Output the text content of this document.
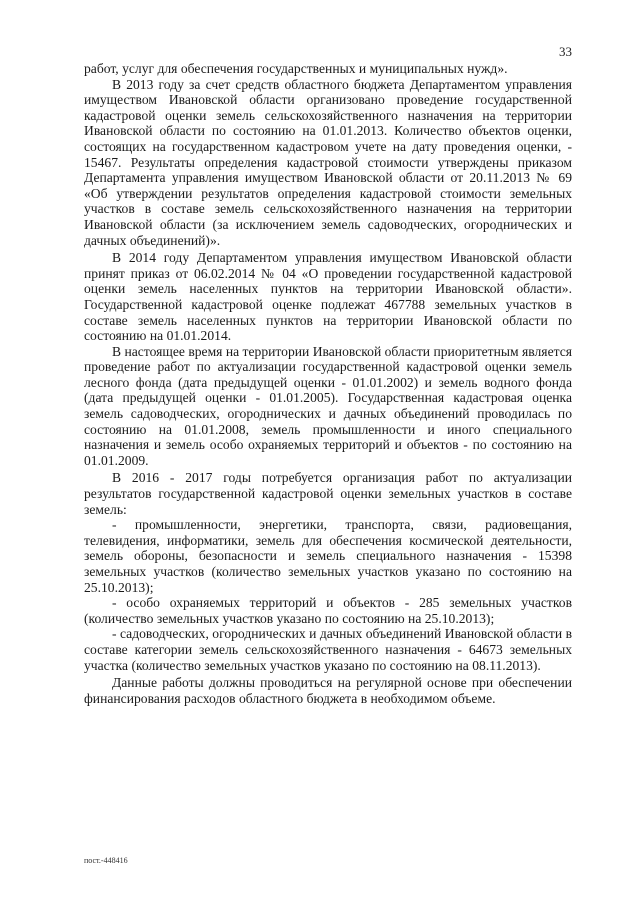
33

работ, услуг для обеспечения государственных и муниципальных нужд».

В 2013 году за счет средств областного бюджета Департаментом управления имуществом Ивановской области организовано проведение государственной кадастровой оценки земель сельскохозяйственного назначения на территории Ивановской области по состоянию на 01.01.2013. Количество объектов оценки, состоящих на государственном кадастровом учете на дату проведения оценки, - 15467. Результаты определения кадастровой стоимости утверждены приказом Департамента управления имуществом Ивановской области от 20.11.2013 № 69 «Об утверждении результатов определения кадастровой стоимости земельных участков в составе земель сельскохозяйственного назначения на территории Ивановской области (за исключением земель садоводческих, огороднических и дачных объединений)».

В 2014 году Департаментом управления имуществом Ивановской области принят приказ от 06.02.2014 № 04 «О проведении государственной кадастровой оценки земель населенных пунктов на территории Ивановской области». Государственной кадастровой оценке подлежат 467788 земельных участков в составе земель населенных пунктов на территории Ивановской области по состоянию на 01.01.2014.

В настоящее время на территории Ивановской области приоритетным является проведение работ по актуализации государственной кадастровой оценки земель лесного фонда (дата предыдущей оценки - 01.01.2002) и земель водного фонда (дата предыдущей оценки - 01.01.2005). Государственная кадастровая оценка земель садоводческих, огороднических и дачных объединений проводилась по состоянию на 01.01.2008, земель промышленности и иного специального назначения и земель особо охраняемых территорий и объектов - по состоянию на 01.01.2009.

В 2016 - 2017 годы потребуется организация работ по актуализации результатов государственной кадастровой оценки земельных участков в составе земель:

- промышленности, энергетики, транспорта, связи, радиовещания, телевидения, информатики, земель для обеспечения космической деятельности, земель обороны, безопасности и земель специального назначения - 15398 земельных участков (количество земельных участков указано по состоянию на 25.10.2013);

- особо охраняемых территорий и объектов - 285 земельных участков (количество земельных участков указано по состоянию на 25.10.2013);

- садоводческих, огороднических и дачных объединений Ивановской области в составе категории земель сельскохозяйственного назначения - 64673 земельных участка (количество земельных участков указано по состоянию на 08.11.2013).

Данные работы должны проводиться на регулярной основе при обеспечении финансирования расходов областного бюджета в необходимом объеме.

пост.-448416
